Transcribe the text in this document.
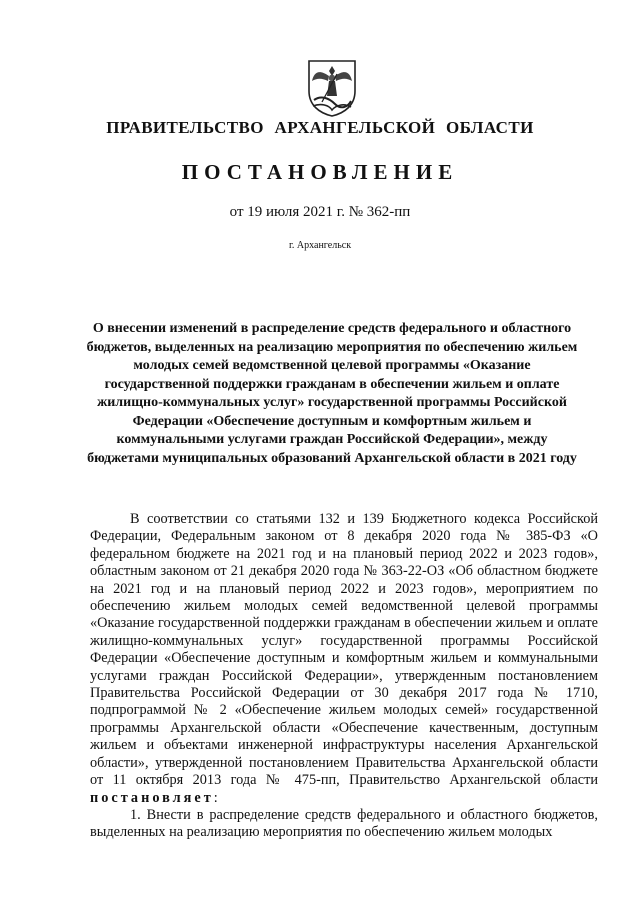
ПРАВИТЕЛЬСТВО АРХАНГЕЛЬСКОЙ ОБЛАСТИ
ПОСТАНОВЛЕНИЕ
от 19 июля 2021 г. № 362-пп
г. Архангельск
О внесении изменений в распределение средств федерального и областного бюджетов, выделенных на реализацию мероприятия по обеспечению жильем молодых семей ведомственной целевой программы «Оказание государственной поддержки гражданам в обеспечении жильем и оплате жилищно-коммунальных услуг» государственной программы Российской Федерации «Обеспечение доступным и комфортным жильем и коммунальными услугами граждан Российской Федерации», между бюджетами муниципальных образований Архангельской области в 2021 году

В соответствии со статьями 132 и 139 Бюджетного кодекса Российской Федерации, Федеральным законом от 8 декабря 2020 года № 385-ФЗ «О федеральном бюджете на 2021 год и на плановый период 2022 и 2023 годов», областным законом от 21 декабря 2020 года № 363-22-ОЗ «Об областном бюджете на 2021 год и на плановый период 2022 и 2023 годов», мероприятием по обеспечению жильем молодых семей ведомственной целевой программы «Оказание государственной поддержки гражданам в обеспечении жильем и оплате жилищно-коммунальных услуг» государственной программы Российской Федерации «Обеспечение доступным и комфортным жильем и коммунальными услугами граждан Российской Федерации», утвержденным постановлением Правительства Российской Федерации от 30 декабря 2017 года № 1710, подпрограммой № 2 «Обеспечение жильем молодых семей» государственной программы Архангельской области «Обеспечение качественным, доступным жильем и объектами инженерной инфраструктуры населения Архангельской области», утвержденной постановлением Правительства Архангельской области от 11 октября 2013 года № 475-пп, Правительство Архангельской области постановляет:

1. Внести в распределение средств федерального и областного бюджетов, выделенных на реализацию мероприятия по обеспечению жильем молодых
